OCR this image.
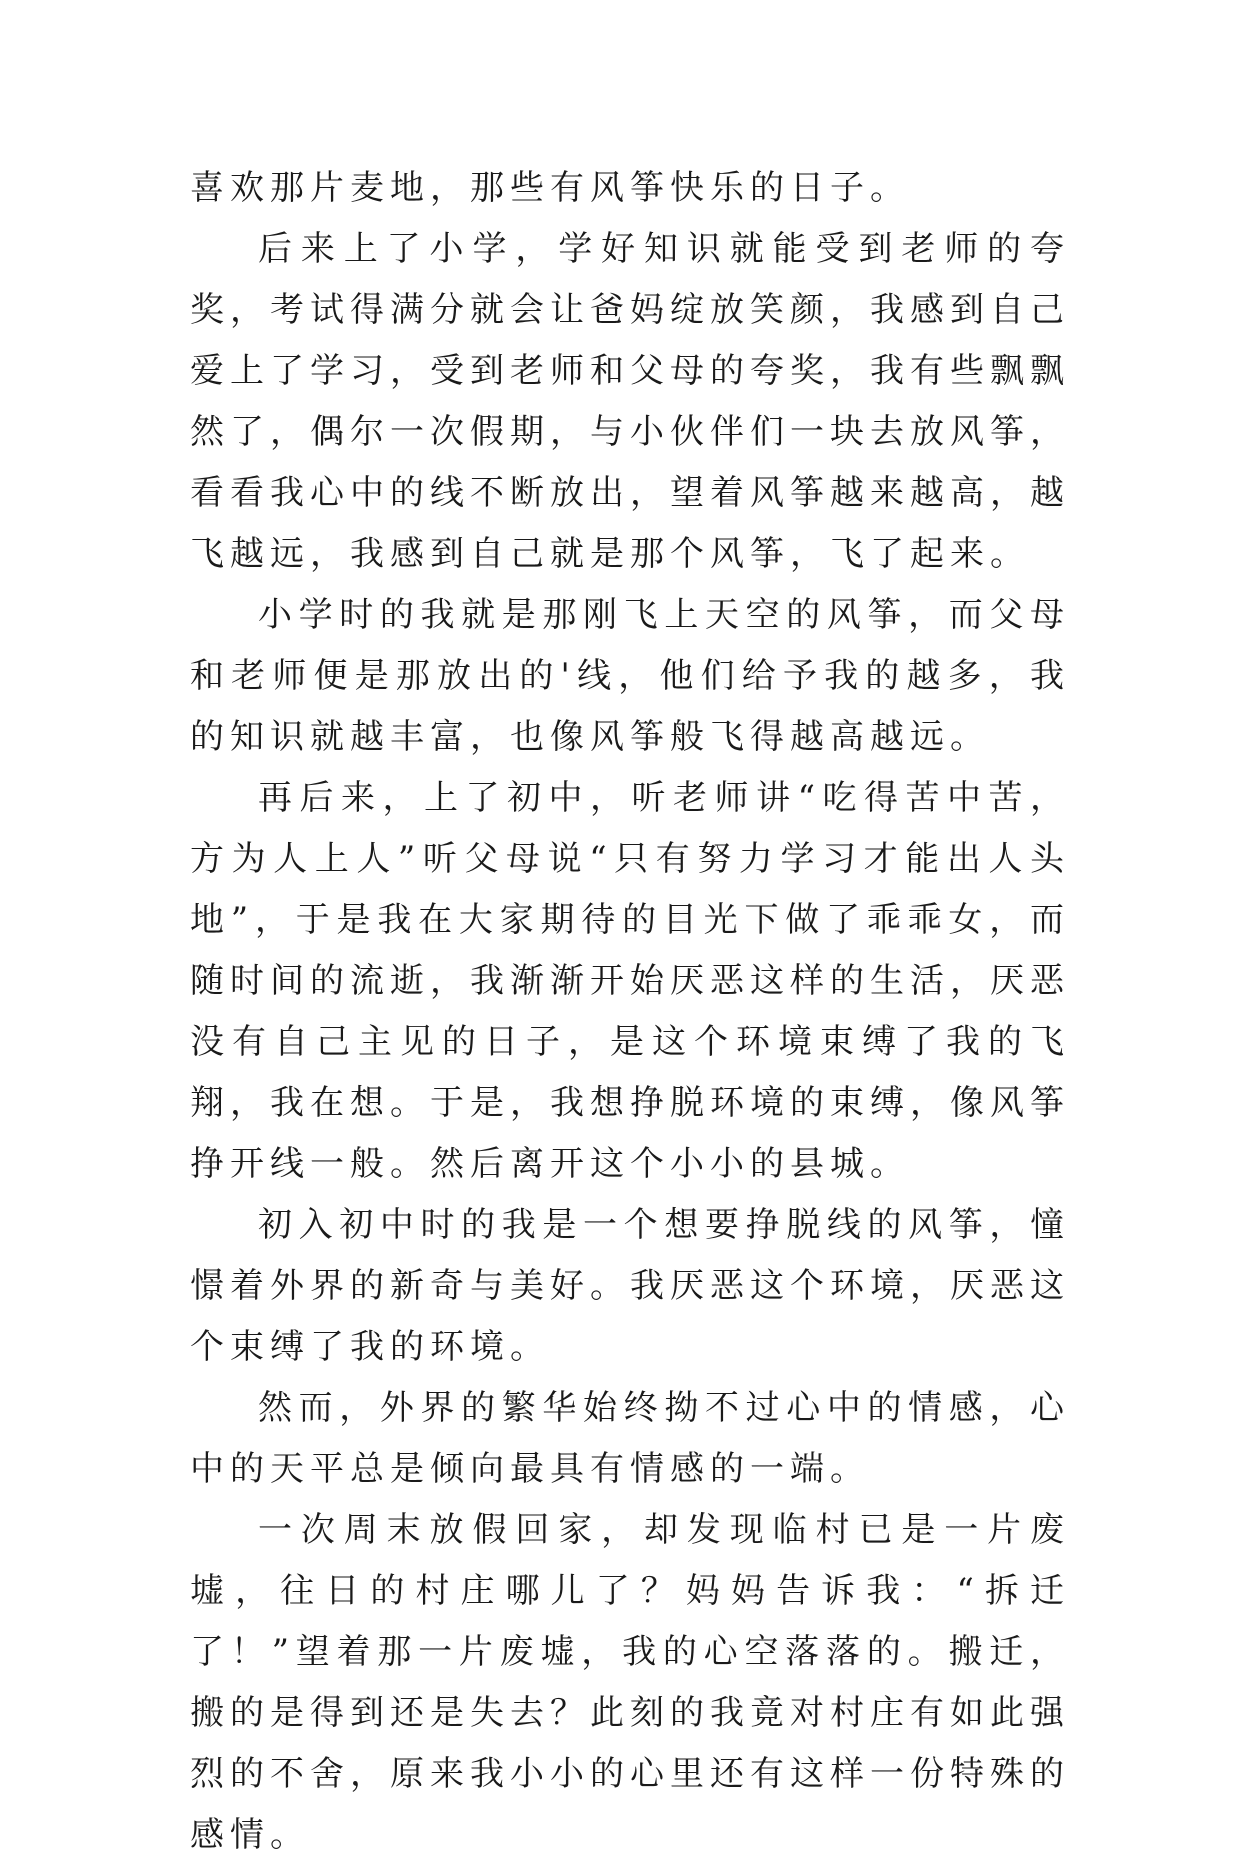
喜欢那片麦地，那些有风筝快乐的日子。

后来上了小学，学好知识就能受到老师的夸奖，考试得满分就会让爸妈绽放笑颜，我感到自己爱上了学习，受到老师和父母的夸奖，我有些飘飘然了，偶尔一次假期，与小伙伴们一块去放风筝，看看我心中的线不断放出，望着风筝越来越高，越飞越远，我感到自己就是那个风筝，飞了起来。

小学时的我就是那刚飞上天空的风筝，而父母和老师便是那放出的'线，他们给予我的越多，我的知识就越丰富，也像风筝般飞得越高越远。

再后来，上了初中，听老师讲“吃得苦中苦，方为人上人”听父母说“只有努力学习才能出人头地”，于是我在大家期待的目光下做了乖乖女，而随时间的流逝，我渐渐开始厌恶这样的生活，厌恶没有自己主见的日子，是这个环境束缚了我的飞翔，我在想。于是，我想挣脱环境的束缚，像风筝挣开线一般。然后离开这个小小的县城。

初入初中时的我是一个想要挣脱线的风筝，憧憬着外界的新奇与美好。我厌恶这个环境，厌恶这个束缚了我的环境。

然而，外界的繁华始终拗不过心中的情感，心中的天平总是倾向最具有情感的一端。

一次周末放假回家，却发现临村已是一片废墟，往日的村庄哪儿了？妈妈告诉我：“拆迁了！”望着那一片废墟，我的心空落落的。搬迁，搬的是得到还是失去？此刻的我竟对村庄有如此强烈的不舍，原来我小小的心里还有这样一份特殊的感情。
